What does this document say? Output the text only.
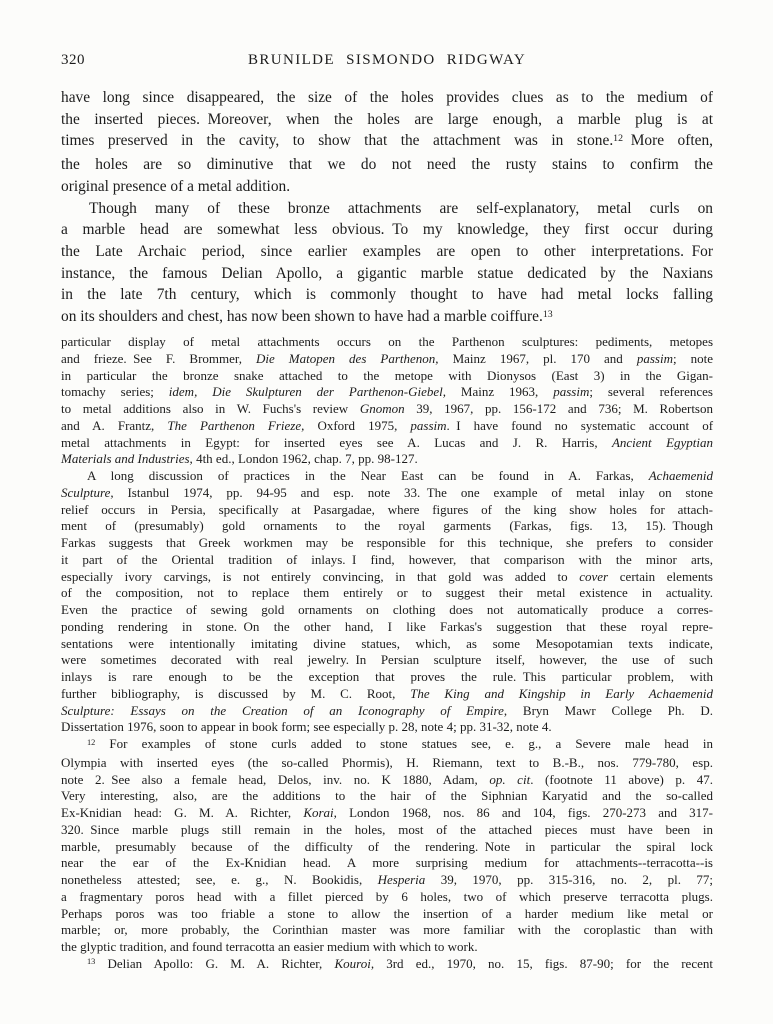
320	BRUNILDE SISMONDO RIDGWAY
have long since disappeared, the size of the holes provides clues as to the medium of
the inserted pieces. Moreover, when the holes are large enough, a marble plug is at
times preserved in the cavity, to show that the attachment was in stone.$^{12}$ More often,
the holes are so diminutive that we do not need the rusty stains to confirm the
original presence of a metal addition.
Though many of these bronze attachments are self-explanatory, metal curls on
a marble head are somewhat less obvious. To my knowledge, they first occur during
the Late Archaic period, since earlier examples are open to other interpretations. For
instance, the famous Delian Apollo, a gigantic marble statue dedicated by the Naxians
in the late 7th century, which is commonly thought to have had metal locks falling
on its shoulders and chest, has now been shown to have had a marble coiffure.$^{13}$
particular display of metal attachments occurs on the Parthenon sculptures: pediments, metopes
and frieze. See F. Brommer, Die Matopen des Parthenon, Mainz 1967, pl. 170 and passim; note
in particular the bronze snake attached to the metope with Dionysos (East 3) in the Gigan-
tomachy series; idem, Die Skulpturen der Parthenon-Giebel, Mainz 1963, passim; several references
to metal additions also in W. Fuchs's review Gnomon 39, 1967, pp. 156-172 and 736; M. Robertson
and A. Frantz, The Parthenon Frieze, Oxford 1975, passim. I have found no systematic account of
metal attachments in Egypt: for inserted eyes see A. Lucas and J. R. Harris, Ancient Egyptian
Materials and Industries, 4th ed., London 1962, chap. 7, pp. 98-127.
A long discussion of practices in the Near East can be found in A. Farkas, Achaemenid
Sculpture, Istanbul 1974, pp. 94-95 and esp. note 33. The one example of metal inlay on stone
relief occurs in Persia, specifically at Pasargadae, where figures of the king show holes for attach-
ment of (presumably) gold ornaments to the royal garments (Farkas, figs. 13, 15). Though
Farkas suggests that Greek workmen may be responsible for this technique, she prefers to consider
it part of the Oriental tradition of inlays. I find, however, that comparison with the minor arts,
especially ivory carvings, is not entirely convincing, in that gold was added to cover certain elements
of the composition, not to replace them entirely or to suggest their metal existence in actuality.
Even the practice of sewing gold ornaments on clothing does not automatically produce a corres-
ponding rendering in stone. On the other hand, I like Farkas's suggestion that these royal repre-
sentations were intentionally imitating divine statues, which, as some Mesopotamian texts indicate,
were sometimes decorated with real jewelry. In Persian sculpture itself, however, the use of such
inlays is rare enough to be the exception that proves the rule. This particular problem, with
further bibliography, is discussed by M. C. Root, The King and Kingship in Early Achaemenid
Sculpture: Essays on the Creation of an Iconography of Empire, Bryn Mawr College Ph. D.
Dissertation 1976, soon to appear in book form; see especially p. 28, note 4; pp. 31-32, note 4.
$^{12}$ For examples of stone curls added to stone statues see, e. g., a Severe male head in
Olympia with inserted eyes (the so-called Phormis), H. Riemann, text to B.-B., nos. 779-780, esp.
note 2. See also a female head, Delos, inv. no. K 1880, Adam, op. cit. (footnote 11 above) p. 47.
Very interesting, also, are the additions to the hair of the Siphnian Karyatid and the so-called
Ex-Knidian head: G. M. A. Richter, Korai, London 1968, nos. 86 and 104, figs. 270-273 and 317-
320. Since marble plugs still remain in the holes, most of the attached pieces must have been in
marble, presumably because of the difficulty of the rendering. Note in particular the spiral lock
near the ear of the Ex-Knidian head. A more surprising medium for attachments--terracotta--is
nonetheless attested; see, e. g., N. Bookidis, Hesperia 39, 1970, pp. 315-316, no. 2, pl. 77;
a fragmentary poros head with a fillet pierced by 6 holes, two of which preserve terracotta plugs.
Perhaps poros was too friable a stone to allow the insertion of a harder medium like metal or
marble; or, more probably, the Corinthian master was more familiar with the coroplastic than with
the glyptic tradition, and found terracotta an easier medium with which to work.
$^{13}$ Delian Apollo: G. M. A. Richter, Kouroi, 3rd ed., 1970, no. 15, figs. 87-90; for the recent
